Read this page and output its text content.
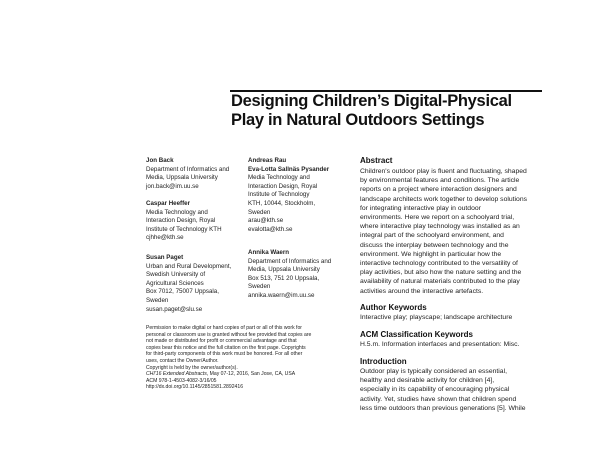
Designing Children’s Digital-Physical
Play in Natural Outdoors Settings
Jon Back
Department of Informatics and
Media, Uppsala University
jon.back@im.uu.se
Caspar Heeffer
Media Technology and
Interaction Design, Royal
Institute of Technology KTH
cjhhe@kth.se
Susan Paget
Urban and Rural Development,
Swedish University of
Agricultural Sciences
Box 7012, 75007 Uppsala,
Sweden
susan.paget@slu.se
Andreas Rau
Eva-Lotta Sallnäs Pysander
Media Technology and
Interaction Design, Royal
Institute of Technology
KTH, 10044, Stockholm,
Sweden
arau@kth.se
evalotta@kth.se
Annika Waern
Department of Informatics and
Media, Uppsala University
Box 513, 751 20 Uppsala,
Sweden
annika.waern@im.uu.se
Permission to make digital or hard copies of part or all of this work for
personal or classroom use is granted without fee provided that copies are
not made or distributed for profit or commercial advantage and that
copies bear this notice and the full citation on the first page. Copyrights
for third-party components of this work must be honored. For all other
uses, contact the Owner/Author.
Copyright is held by the owner/author(s).
CHI'16 Extended Abstracts, May 07-12, 2016, San Jose, CA, USA
ACM 978-1-4503-4082-3/16/05
http://dx.doi.org/10.1145/2851581.2892416
Abstract
Children's outdoor play is fluent and fluctuating, shaped
by environmental features and conditions. The article
reports on a project where interaction designers and
landscape architects work together to develop solutions
for integrating interactive play in outdoor
environments. Here we report on a schoolyard trial,
where interactive play technology was installed as an
integral part of the schoolyard environment, and
discuss the interplay between technology and the
environment. We highlight in particular how the
interactive technology contributed to the versatility of
play activities, but also how the nature setting and the
availability of natural materials contributed to the play
activities around the interactive artefacts.
Author Keywords
Interactive play; playscape; landscape architecture
ACM Classification Keywords
H.5.m. Information interfaces and presentation: Misc.
Introduction
Outdoor play is typically considered an essential,
healthy and desirable activity for children [4],
especially in its capability of encouraging physical
activity. Yet, studies have shown that children spend
less time outdoors than previous generations [5]. While
